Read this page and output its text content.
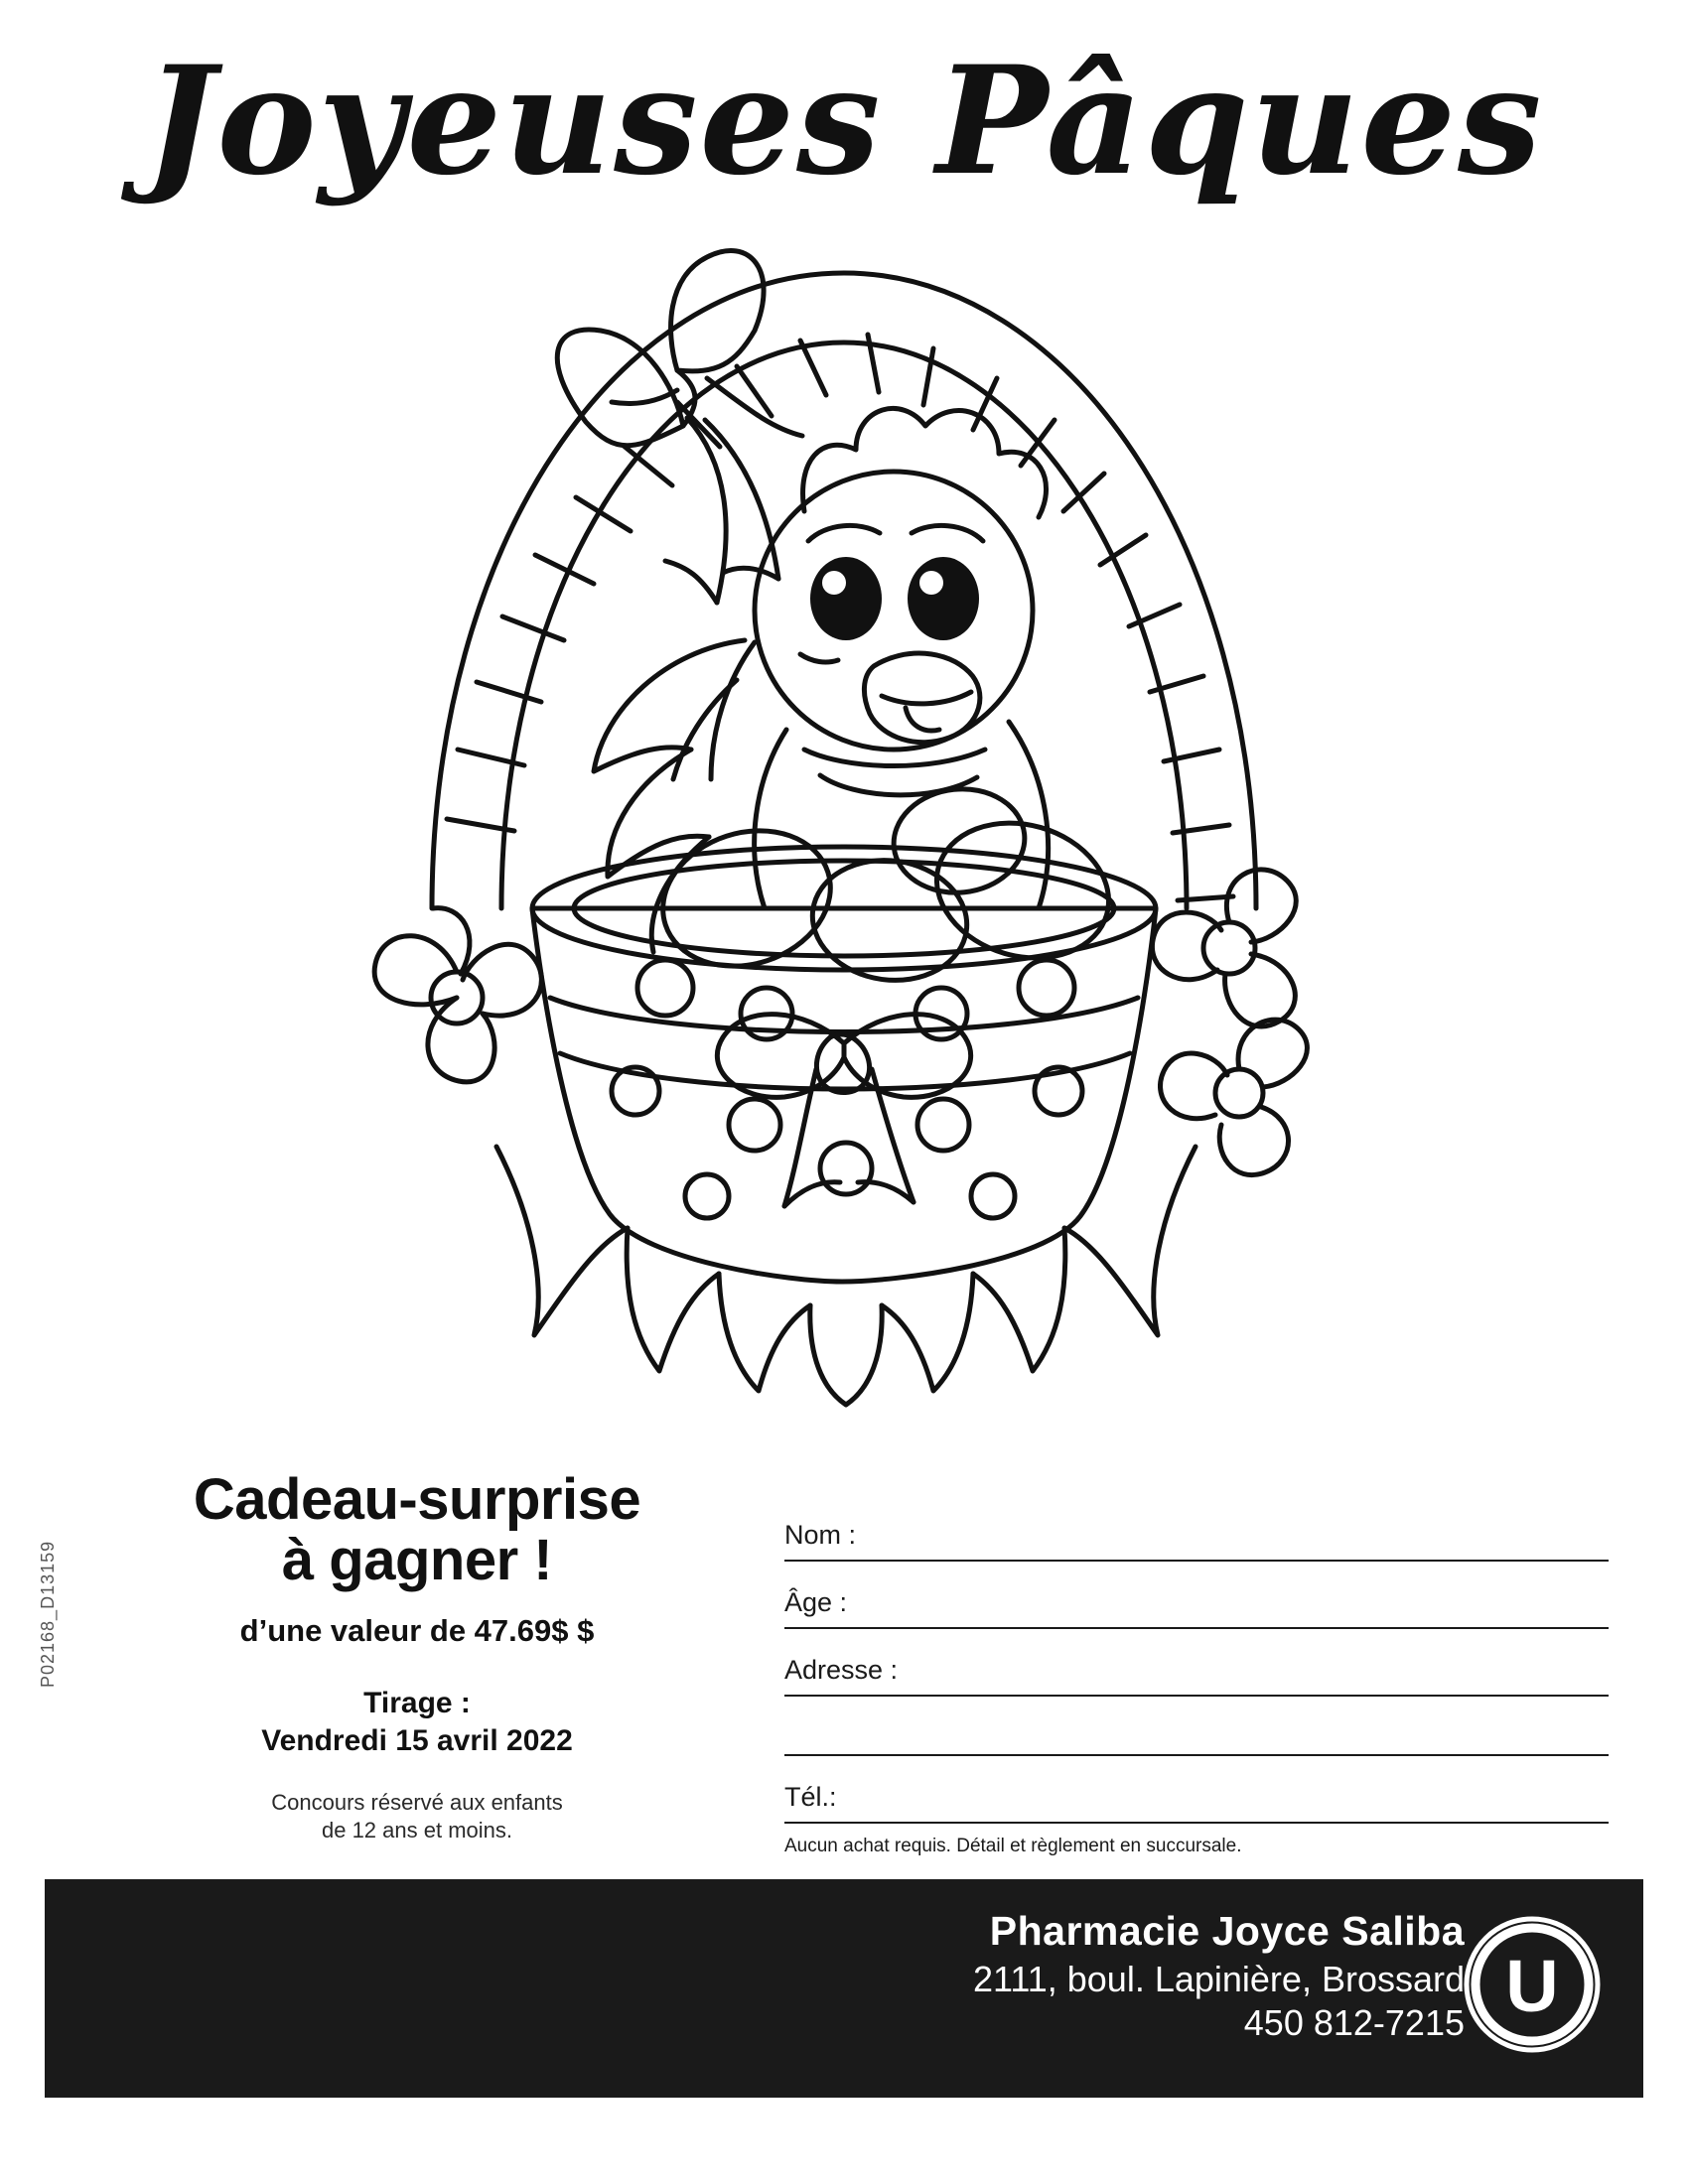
Joyeuses Pâques
Cadeau-surprise
à gagner !
d’une valeur de 47.69$ $
Tirage :
Vendredi 15 avril 2022
Concours réservé aux enfants
de 12 ans et moins.
P02168_D13159
Nom :
Âge :
Adresse :
Tél.:
Aucun achat requis. Détail et règlement en succursale.
Pharmacie Joyce Saliba
2111, boul. Lapinière, Brossard
450 812-7215 U
